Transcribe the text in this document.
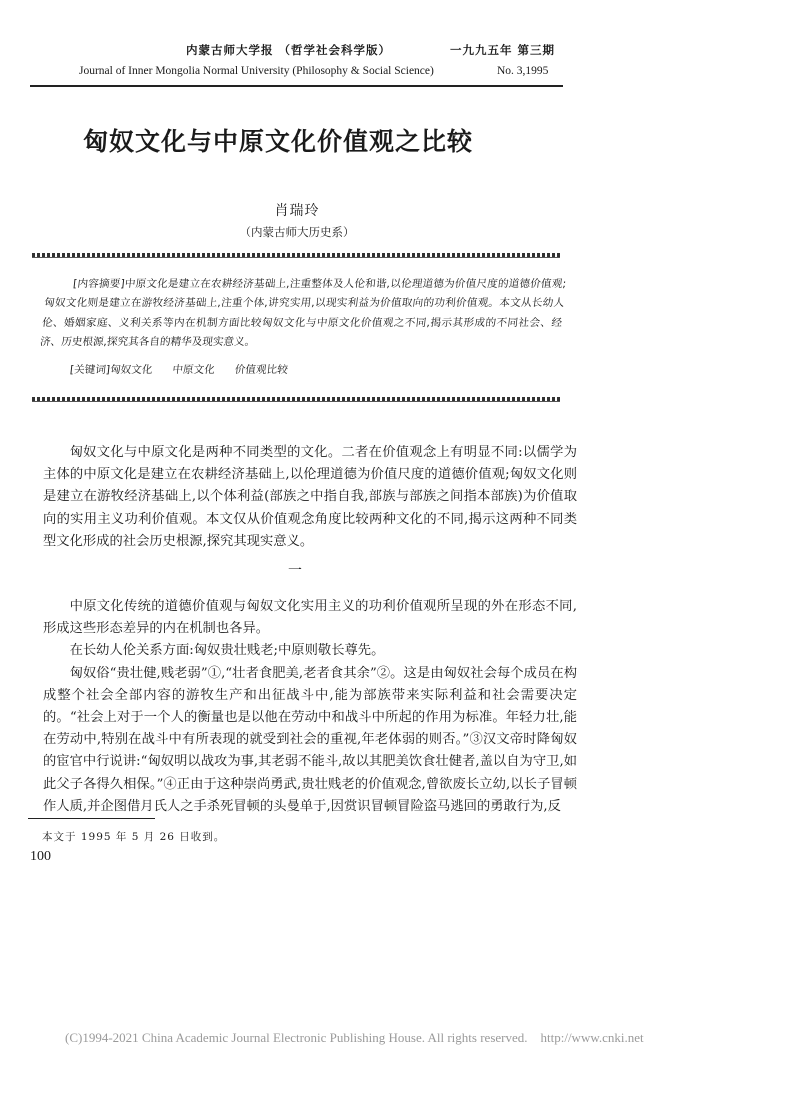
内蒙古师大学报 （哲学社会科学版）	一九九五年 第三期
Journal of Inner Mongolia Normal University (Philosophy & Social Science)	No. 3,1995
匈奴文化与中原文化价值观之比较
肖瑞玲
（内蒙古师大历史系）
[内容摘要]中原文化是建立在农耕经济基础上,注重整体及人伦和谐,以伦理道德为价值尺度的道德价值观;匈奴文化则是建立在游牧经济基础上,注重个体,讲究实用,以现实利益为价值取向的功利价值观。本文从长幼人伦、婚姻家庭、义利关系等内在机制方面比较匈奴文化与中原文化价值观之不同,揭示其形成的不同社会、经济、历史根源,探究其各自的精华及现实意义。
[关键词]匈奴文化 中原文化 价值观比较

匈奴文化与中原文化是两种不同类型的文化。二者在价值观念上有明显不同:以儒学为主体的中原文化是建立在农耕经济基础上,以伦理道德为价值尺度的道德价值观;匈奴文化则是建立在游牧经济基础上,以个体利益(部族之中指自我,部族与部族之间指本部族)为价值取向的实用主义功利价值观。本文仅从价值观念角度比较两种文化的不同,揭示这两种不同类型文化形成的社会历史根源,探究其现实意义。

一

中原文化传统的道德价值观与匈奴文化实用主义的功利价值观所呈现的外在形态不同,形成这些形态差异的内在机制也各异。

在长幼人伦关系方面:匈奴贵壮贱老;中原则敬长尊先。

匈奴俗“贵壮健,贱老弱”①,“壮者食肥美,老者食其余”②。这是由匈奴社会每个成员在构成整个社会全部内容的游牧生产和出征战斗中,能为部族带来实际利益和社会需要决定的。“社会上对于一个人的衡量也是以他在劳动中和战斗中所起的作用为标准。年轻力壮,能在劳动中,特别在战斗中有所表现的就受到社会的重视,年老体弱的则否。”③汉文帝时降匈奴的宦官中行说讲:“匈奴明以战攻为事,其老弱不能斗,故以其肥美饮食壮健者,盖以自为守卫,如此父子各得久相保。”④正由于这种崇尚勇武,贵壮贱老的价值观念,曾欲废长立幼,以长子冒顿作人质,并企图借月氏人之手杀死冒顿的头曼单于,因赏识冒顿冒险盗马逃回的勇敢行为,反

本文于 1995 年 5 月 26 日收到。
100
(C)1994-2021 China Academic Journal Electronic Publishing House. All rights reserved.    http://www.cnki.net
